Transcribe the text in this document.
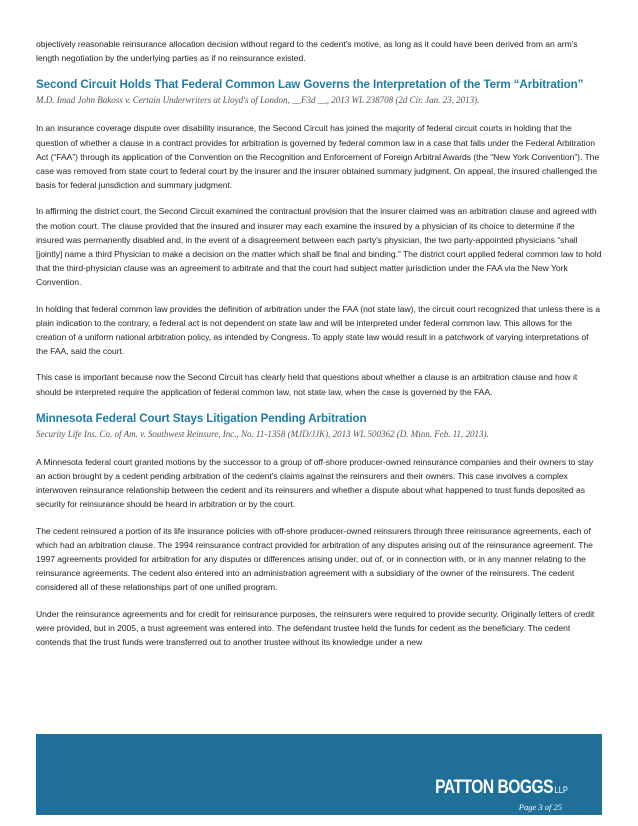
objectively reasonable reinsurance allocation decision without regard to the cedent's motive, as long as it could have been derived from an arm's length negotiation by the underlying parties as if no reinsurance existed.

Second Circuit Holds That Federal Common Law Governs the Interpretation of the Term “Arbitration”
M.D. Imad John Bakoss v. Certain Underwriters at Lloyd's of London, __F3d __, 2013 WL 238708 (2d Cir. Jan. 23, 2013).

In an insurance coverage dispute over disability insurance, the Second Circuit has joined the majority of federal circuit courts in holding that the question of whether a clause in a contract provides for arbitration is governed by federal common law in a case that falls under the Federal Arbitration Act (“FAA”) through its application of the Convention on the Recognition and Enforcement of Foreign Arbitral Awards (the “New York Convention”). The case was removed from state court to federal court by the insurer and the insurer obtained summary judgment. On appeal, the insured challenged the basis for federal jurisdiction and summary judgment.

In affirming the district court, the Second Circuit examined the contractual provision that the insurer claimed was an arbitration clause and agreed with the motion court. The clause provided that the insured and insurer may each examine the insured by a physician of its choice to determine if the insured was permanently disabled and, in the event of a disagreement between each party's physician, the two party-appointed physicians “shall [jointly] name a third Physician to make a decision on the matter which shall be final and binding.” The district court applied federal common law to hold that the third-physician clause was an agreement to arbitrate and that the court had subject matter jurisdiction under the FAA via the New York Convention.

In holding that federal common law provides the definition of arbitration under the FAA (not state law), the circuit court recognized that unless there is a plain indication to the contrary, a federal act is not dependent on state law and will be interpreted under federal common law. This allows for the creation of a uniform national arbitration policy, as intended by Congress. To apply state law would result in a patchwork of varying interpretations of the FAA, said the court.

This case is important because now the Second Circuit has clearly held that questions about whether a clause is an arbitration clause and how it should be interpreted require the application of federal common law, not state law, when the case is governed by the FAA.

Minnesota Federal Court Stays Litigation Pending Arbitration
Security Life Ins. Co. of Am. v. Southwest Reinsure, Inc., No. 11-1358 (MJD/JJK), 2013 WL 500362 (D. Minn. Feb. 11, 2013).

A Minnesota federal court granted motions by the successor to a group of off-shore producer-owned reinsurance companies and their owners to stay an action brought by a cedent pending arbitration of the cedent's claims against the reinsurers and their owners. This case involves a complex interwoven reinsurance relationship between the cedent and its reinsurers and whether a dispute about what happened to trust funds deposited as security for reinsurance should be heard in arbitration or by the court.

The cedent reinsured a portion of its life insurance policies with off-shore producer-owned reinsurers through three reinsurance agreements, each of which had an arbitration clause. The 1994 reinsurance contract provided for arbitration of any disputes arising out of the reinsurance agreement. The 1997 agreements provided for arbitration for any disputes or differences arising under, out of, or in connection with, or in any manner relating to the reinsurance agreements. The cedent also entered into an administration agreement with a subsidiary of the owner of the reinsurers. The cedent considered all of these relationships part of one unified program.

Under the reinsurance agreements and for credit for reinsurance purposes, the reinsurers were required to provide security. Originally letters of credit were provided, but in 2005, a trust agreement was entered into. The defendant trustee held the funds for cedent as the beneficiary. The cedent contends that the trust funds were transferred out to another trustee without its knowledge under a new

PATTON BOGGS LLP
Page 3 of 25
